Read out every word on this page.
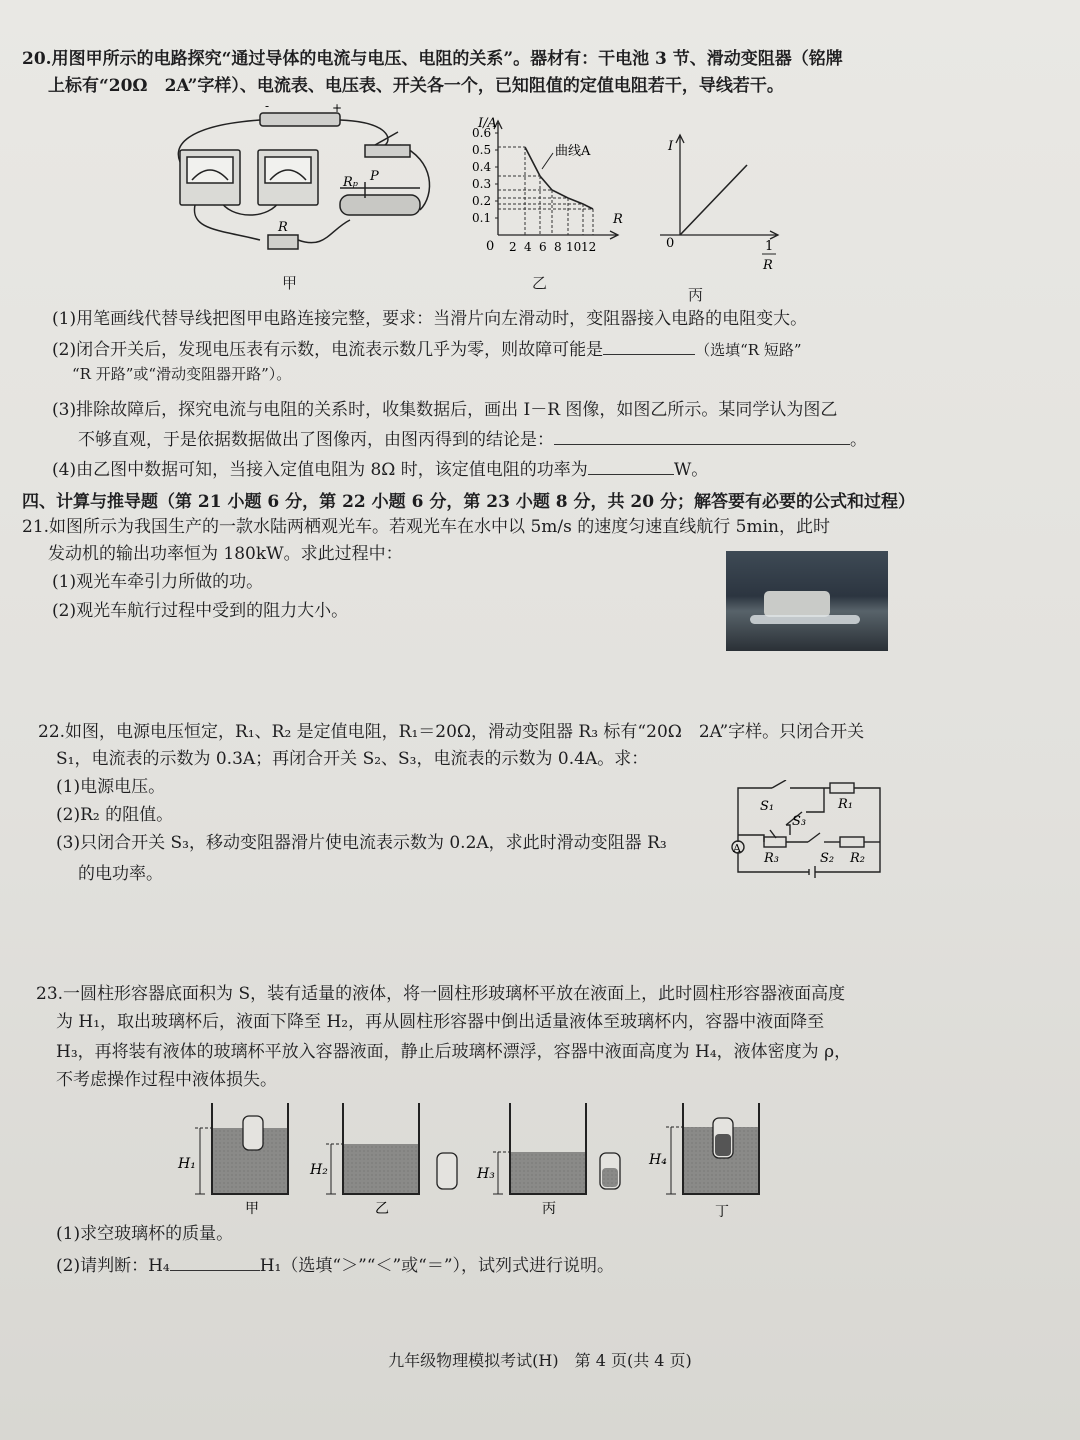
20.用图甲所示的电路探究“通过导体的电流与电压、电阻的关系”。器材有：干电池 3 节、滑动变阻器（铭牌
上标有“20Ω　2A”字样）、电流表、电压表、开关各一个，已知阻值的定值电阻若干，导线若干。
-	+
Rₚ P
R
甲
I/A
R
0
曲线A
0.6
0.5
0.4
0.3
0.2
0.1
2 4 6 8 10 12
乙
I
0	1
R
丙
(1)用笔画线代替导线把图甲电路连接完整，要求：当滑片向左滑动时，变阻器接入电路的电阻变大。
(2)闭合开关后，发现电压表有示数，电流表示数几乎为零，则故障可能是	（选填“R 短路”
“R 开路”或“滑动变阻器开路”）。
(3)排除故障后，探究电流与电阻的关系时，收集数据后，画出 I－R 图像，如图乙所示。某同学认为图乙
不够直观，于是依据数据做出了图像丙，由图丙得到的结论是：	。
(4)由乙图中数据可知，当接入定值电阻为 8Ω 时，该定值电阻的功率为	W。
四、计算与推导题（第 21 小题 6 分，第 22 小题 6 分，第 23 小题 8 分，共 20 分；解答要有必要的公式和过程）
21.如图所示为我国生产的一款水陆两栖观光车。若观光车在水中以 5m/s 的速度匀速直线航行 5min，此时
发动机的输出功率恒为 180kW。求此过程中：
(1)观光车牵引力所做的功。
(2)观光车航行过程中受到的阻力大小。
22.如图，电源电压恒定，R₁、R₂ 是定值电阻，R₁＝20Ω，滑动变阻器 R₃ 标有“20Ω　2A”字样。只闭合开关
S₁，电流表的示数为 0.3A；再闭合开关 S₂、S₃，电流表的示数为 0.4A。求：
(1)电源电压。
(2)R₂ 的阻值。
(3)只闭合开关 S₃，移动变阻器滑片使电流表示数为 0.2A，求此时滑动变阻器 R₃
的电功率。
S₁
S₃
R₁
A
R₃	S₂ R₂
23.一圆柱形容器底面积为 S，装有适量的液体，将一圆柱形玻璃杯平放在液面上，此时圆柱形容器液面高度
为 H₁，取出玻璃杯后，液面下降至 H₂，再从圆柱形容器中倒出适量液体至玻璃杯内，容器中液面降至
H₃，再将装有液体的玻璃杯平放入容器液面，静止后玻璃杯漂浮，容器中液面高度为 H₄，液体密度为 ρ，
不考虑操作过程中液体损失。
H₁	H₂	H₃
H₄
甲	乙	丙	丁
(1)求空玻璃杯的质量。
(2)请判断：H₄	H₁（选填“＞”“＜”或“＝”），试列式进行说明。
九年级物理模拟考试(H)　第 4 页(共 4 页)
